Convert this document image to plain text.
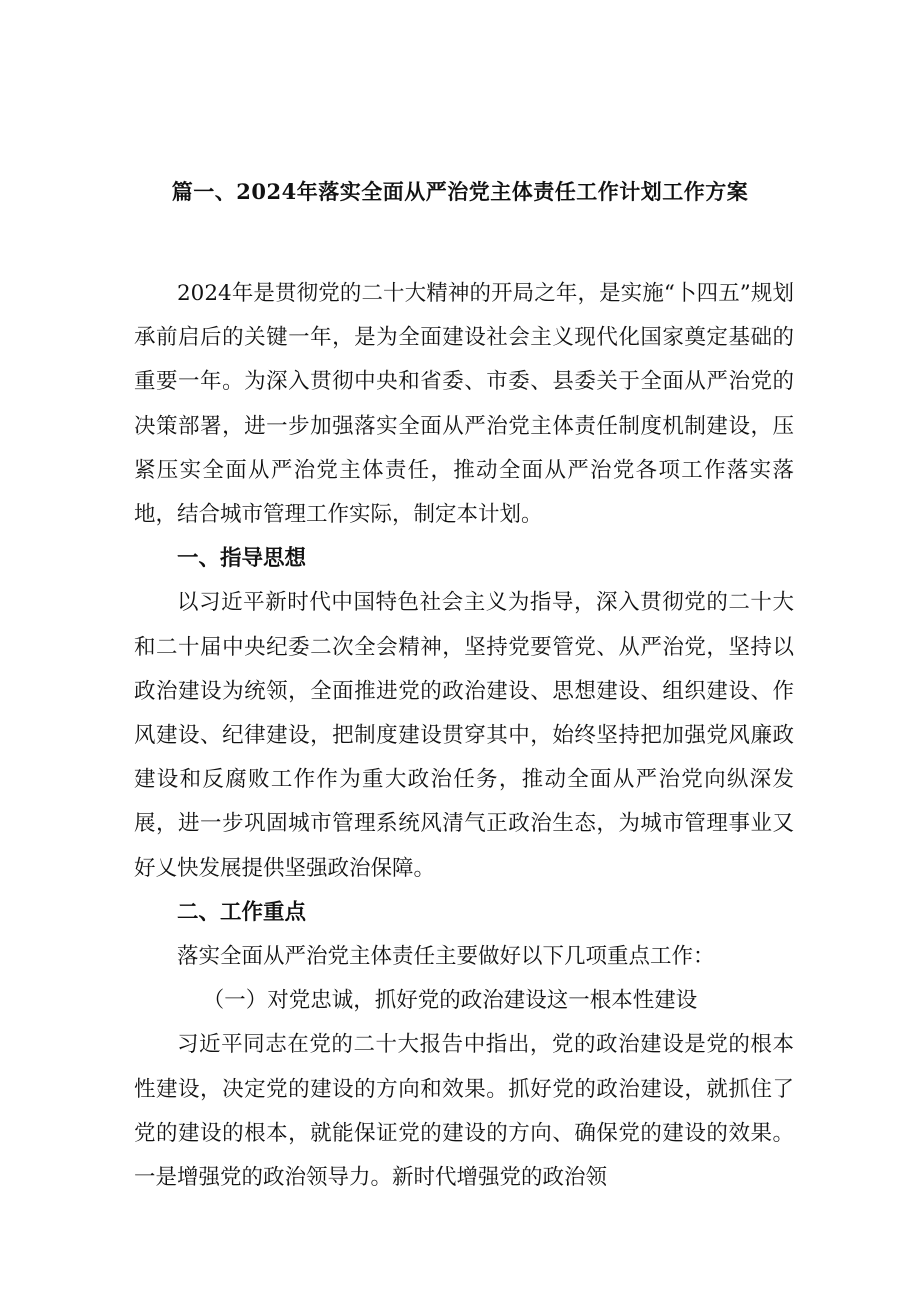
篇一、2024年落实全面从严治党主体责任工作计划工作方案

2024年是贯彻党的二十大精神的开局之年，是实施“卜四五”规划承前启后的关键一年，是为全面建设社会主义现代化国家奠定基础的重要一年。为深入贯彻中央和省委、市委、县委关于全面从严治党的决策部署，进一步加强落实全面从严治党主体责任制度机制建设，压紧压实全面从严治党主体责任，推动全面从严治党各项工作落实落地，结合城市管理工作实际，制定本计划。

一、指导思想

以习近平新时代中国特色社会主义为指导，深入贯彻党的二十大和二十届中央纪委二次全会精神，坚持党要管党、从严治党，坚持以政治建设为统领，全面推进党的政治建设、思想建设、组织建设、作风建设、纪律建设，把制度建设贯穿其中，始终坚持把加强党风廉政建设和反腐败工作作为重大政治任务，推动全面从严治党向纵深发展，进一步巩固城市管理系统风清气正政治生态，为城市管理事业又好乂快发展提供坚强政治保障。

二、工作重点

落实全面从严治党主体责任主要做好以下几项重点工作：

（一）对党忠诚，抓好党的政治建设这一根本性建设

习近平同志在党的二十大报告中指出，党的政治建设是党的根本性建设，决定党的建设的方向和效果。抓好党的政治建设，就抓住了党的建设的根本，就能保证党的建设的方向、确保党的建设的效果。一是增强党的政治领导力。新时代增强党的政治领
